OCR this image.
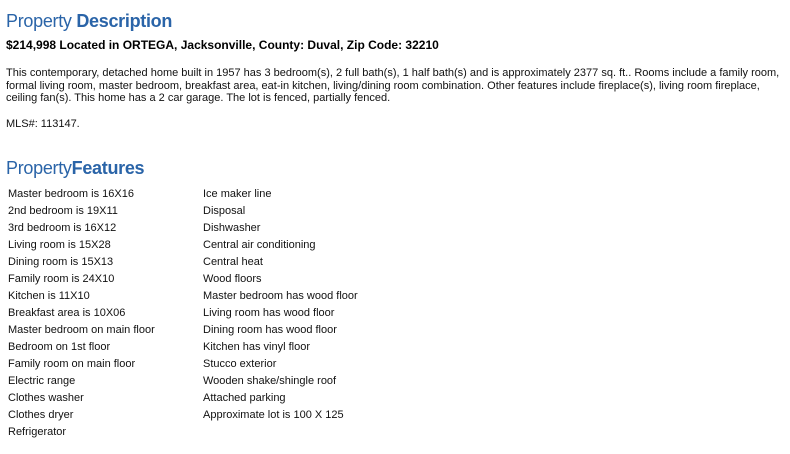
Property Description
$214,998 Located in ORTEGA, Jacksonville, County: Duval, Zip Code: 32210
This contemporary, detached home built in 1957 has 3 bedroom(s), 2 full bath(s), 1 half bath(s) and is approximately 2377 sq. ft.. Rooms include a family room, formal living room, master bedroom, breakfast area, eat-in kitchen, living/dining room combination. Other features include fireplace(s), living room fireplace, ceiling fan(s). This home has a 2 car garage. The lot is fenced, partially fenced.
MLS#: 113147.
PropertyFeatures
Master bedroom is 16X16
2nd bedroom is 19X11
3rd bedroom is 16X12
Living room is 15X28
Dining room is 15X13
Family room is 24X10
Kitchen is 11X10
Breakfast area is 10X06
Master bedroom on main floor
Bedroom on 1st floor
Family room on main floor
Electric range
Clothes washer
Clothes dryer
Refrigerator
Ice maker line
Disposal
Dishwasher
Central air conditioning
Central heat
Wood floors
Master bedroom has wood floor
Living room has wood floor
Dining room has wood floor
Kitchen has vinyl floor
Stucco exterior
Wooden shake/shingle roof
Attached parking
Approximate lot is 100 X 125
